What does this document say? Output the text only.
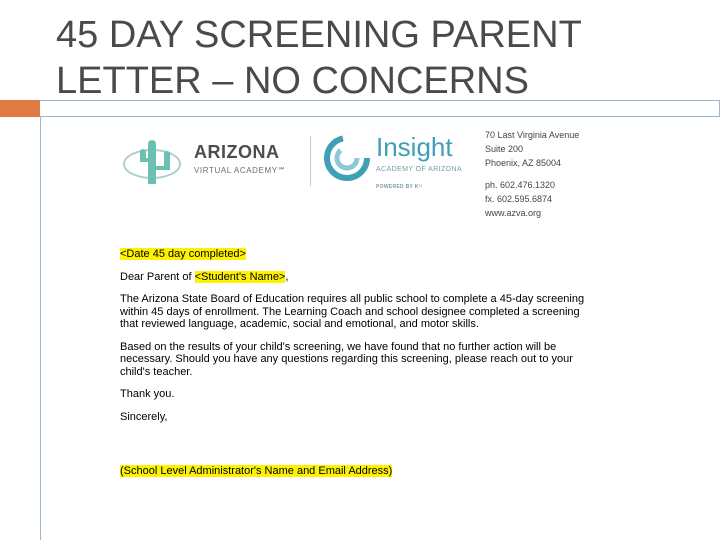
45 DAY SCREENING PARENT
LETTER – NO CONCERNS
ARIZONA
VIRTUAL ACADEMY℠
Insight
ACADEMY OF ARIZONA
POWERED BY K¹²
70 Last Virginia Avenue
Suite 200
Phoenix, AZ 85004
ph. 602.476.1320
fx. 602.595.6874
www.azva.org

<Date 45 day completed>

Dear Parent of <Student's Name>,

The Arizona State Board of Education requires all public school to complete a 45-day screening within 45 days of enrollment. The Learning Coach and school designee completed a screening that reviewed language, academic, social and emotional, and motor skills.

Based on the results of your child's screening, we have found that no further action will be necessary. Should you have any questions regarding this screening, please reach out to your child's teacher.

Thank you.

Sincerely,

(School Level Administrator's Name and Email Address)
